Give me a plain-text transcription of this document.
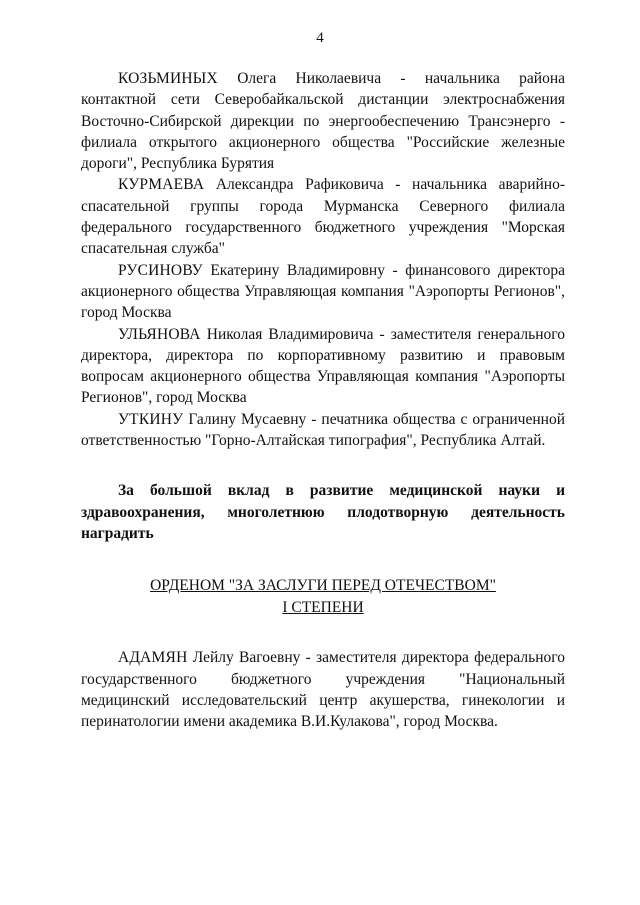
4

КОЗЬМИНЫХ Олега Николаевича - начальника района контактной сети Северобайкальской дистанции электроснабжения Восточно-Сибирской дирекции по энергообеспечению Трансэнерго - филиала открытого акционерного общества "Российские железные дороги", Республика Бурятия

КУРМАЕВА Александра Рафиковича - начальника аварийно-спасательной группы города Мурманска Северного филиала федерального государственного бюджетного учреждения "Морская спасательная служба"

РУСИНОВУ Екатерину Владимировну - финансового директора акционерного общества Управляющая компания "Аэропорты Регионов", город Москва

УЛЬЯНОВА Николая Владимировича - заместителя генерального директора, директора по корпоративному развитию и правовым вопросам акционерного общества Управляющая компания "Аэропорты Регионов", город Москва

УТКИНУ Галину Мусаевну - печатника общества с ограниченной ответственностью "Горно-Алтайская типография", Республика Алтай.

За большой вклад в развитие медицинской науки и здравоохранения, многолетнюю плодотворную деятельность наградить

ОРДЕНОМ "ЗА ЗАСЛУГИ ПЕРЕД ОТЕЧЕСТВОМ"
I СТЕПЕНИ

АДАМЯН Лейлу Вагоевну - заместителя директора федерального государственного бюджетного учреждения "Национальный медицинский исследовательский центр акушерства, гинекологии и перинатологии имени академика В.И.Кулакова", город Москва.
